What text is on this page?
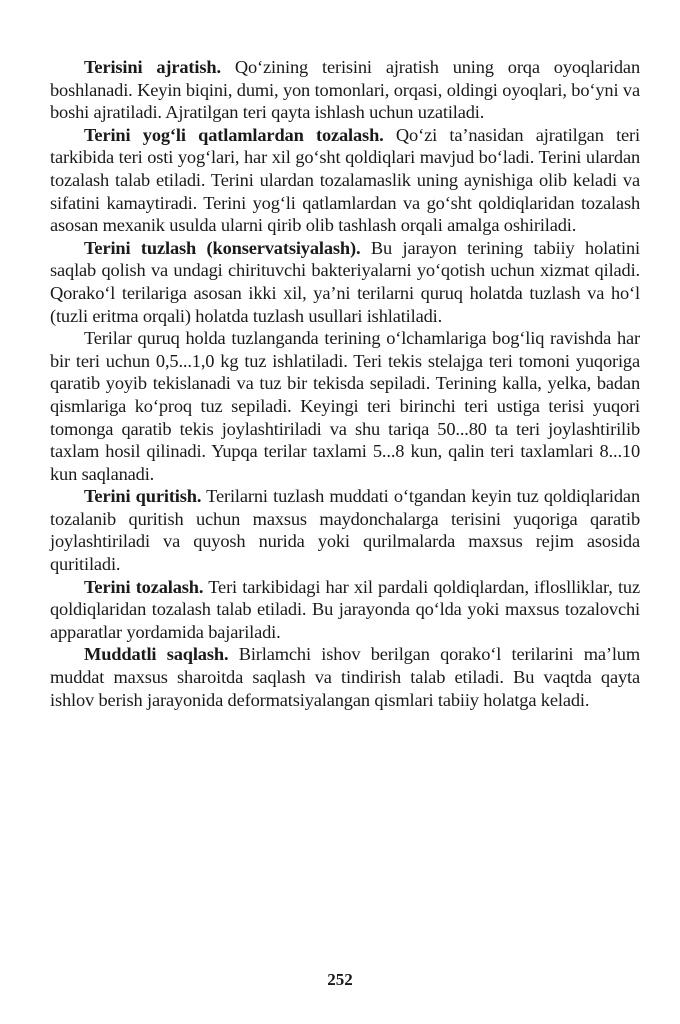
Terisini ajratish. Qo‘zining terisini ajratish uning orqa oyoqlaridan boshlanadi. Keyin biqini, dumi, yon tomonlari, orqasi, oldingi oyoqlari, bo‘yni va boshi ajratiladi. Ajratilgan teri qayta ishlash uchun uzatiladi.

Terini yog‘li qatlamlardan tozalash. Qo‘zi ta’nasidan ajratilgan teri tarkibida teri osti yog‘lari, har xil go‘sht qoldiqlari mavjud bo‘ladi. Terini ulardan tozalash talab etiladi. Terini ulardan tozalamaslik uning aynishiga olib keladi va sifatini kamaytiradi. Terini yog‘li qatlamlardan va go‘sht qoldiqlaridan tozalash asosan mexanik usulda ularni qirib olib tashlash orqali amalga oshiriladi.

Terini tuzlash (konservatsiyalash). Bu jarayon terining tabiiy holatini saqlab qolish va undagi chirituvchi bakteriyalarni yo‘qotish uchun xizmat qiladi. Qorako‘l terilariga asosan ikki xil, ya’ni terilarni quruq holatda tuzlash va ho‘l (tuzli eritma orqali) holatda tuzlash usullari ishlatiladi.

Terilar quruq holda tuzlanganda terining o‘lchamlariga bog‘liq ravishda har bir teri uchun 0,5...1,0 kg tuz ishlatiladi. Teri tekis stelajga teri tomoni yuqoriga qaratib yoyib tekislanadi va tuz bir tekisda sepiladi. Terining kalla, yelka, badan qismlariga ko‘proq tuz sepiladi. Keyingi teri birinchi teri ustiga terisi yuqori tomonga qaratib tekis joylashtiriladi va shu tariqa 50...80 ta teri joylashtirilib taxlam hosil qilinadi. Yupqa terilar taxlami 5...8 kun, qalin teri taxlamlari 8...10 kun saqlanadi.

Terini quritish. Terilarni tuzlash muddati o‘tgandan keyin tuz qoldiqlaridan tozalanib quritish uchun maxsus maydonchalarga terisini yuqoriga qaratib joylashtiriladi va quyosh nurida yoki qurilmalarda maxsus rejim asosida quritiladi.

Terini tozalash. Teri tarkibidagi har xil pardali qoldiqlardan, ifloslliklar, tuz qoldiqlaridan tozalash talab etiladi. Bu jarayonda qo‘lda yoki maxsus tozalovchi apparatlar yordamida bajariladi.

Muddatli saqlash. Birlamchi ishov berilgan qorako‘l terilarini ma’lum muddat maxsus sharoitda saqlash va tindirish talab etiladi. Bu vaqtda qayta ishlov berish jarayonida deformatsiyalangan qismlari tabiiy holatga keladi.

252
